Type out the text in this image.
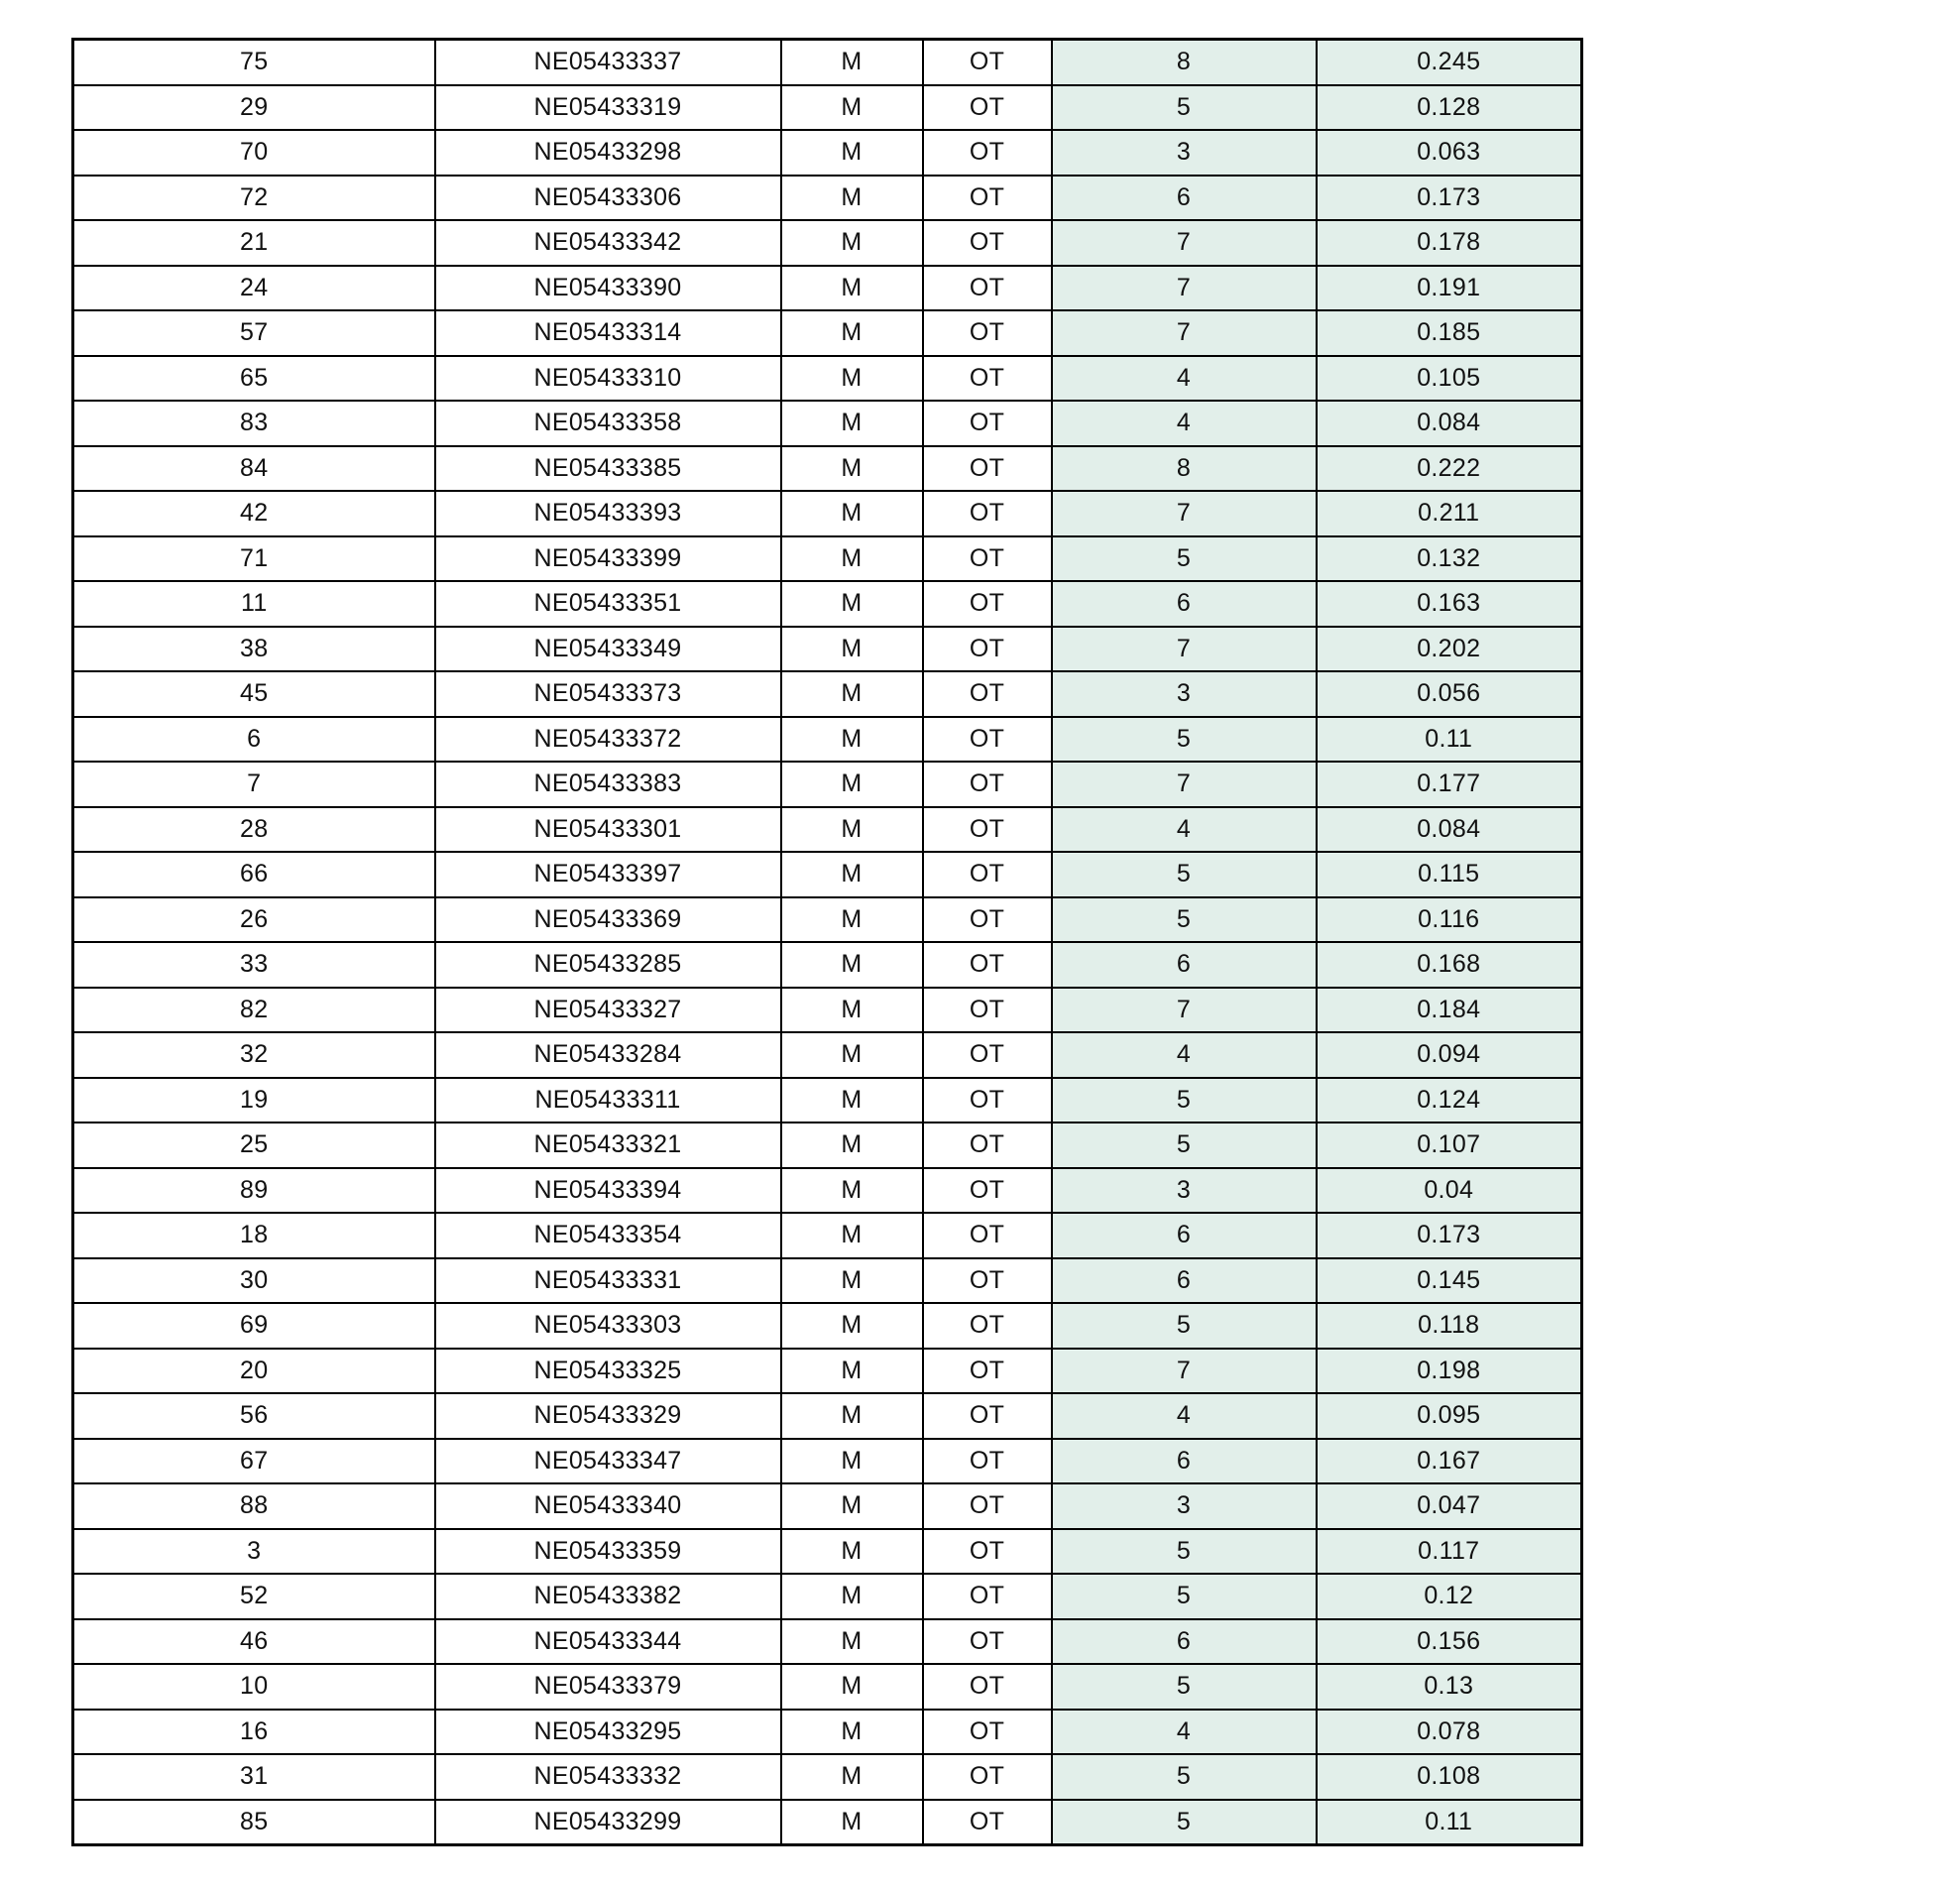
75	NE05433337	M	OT	8	0.245
29	NE05433319	M	OT	5	0.128
70	NE05433298	M	OT	3	0.063
72	NE05433306	M	OT	6	0.173
21	NE05433342	M	OT	7	0.178
24	NE05433390	M	OT	7	0.191
57	NE05433314	M	OT	7	0.185
65	NE05433310	M	OT	4	0.105
83	NE05433358	M	OT	4	0.084
84	NE05433385	M	OT	8	0.222
42	NE05433393	M	OT	7	0.211
71	NE05433399	M	OT	5	0.132
11	NE05433351	M	OT	6	0.163
38	NE05433349	M	OT	7	0.202
45	NE05433373	M	OT	3	0.056
6	NE05433372	M	OT	5	0.11
7	NE05433383	M	OT	7	0.177
28	NE05433301	M	OT	4	0.084
66	NE05433397	M	OT	5	0.115
26	NE05433369	M	OT	5	0.116
33	NE05433285	M	OT	6	0.168
82	NE05433327	M	OT	7	0.184
32	NE05433284	M	OT	4	0.094
19	NE05433311	M	OT	5	0.124
25	NE05433321	M	OT	5	0.107
89	NE05433394	M	OT	3	0.04
18	NE05433354	M	OT	6	0.173
30	NE05433331	M	OT	6	0.145
69	NE05433303	M	OT	5	0.118
20	NE05433325	M	OT	7	0.198
56	NE05433329	M	OT	4	0.095
67	NE05433347	M	OT	6	0.167
88	NE05433340	M	OT	3	0.047
3	NE05433359	M	OT	5	0.117
52	NE05433382	M	OT	5	0.12
46	NE05433344	M	OT	6	0.156
10	NE05433379	M	OT	5	0.13
16	NE05433295	M	OT	4	0.078
31	NE05433332	M	OT	5	0.108
85	NE05433299	M	OT	5	0.11
